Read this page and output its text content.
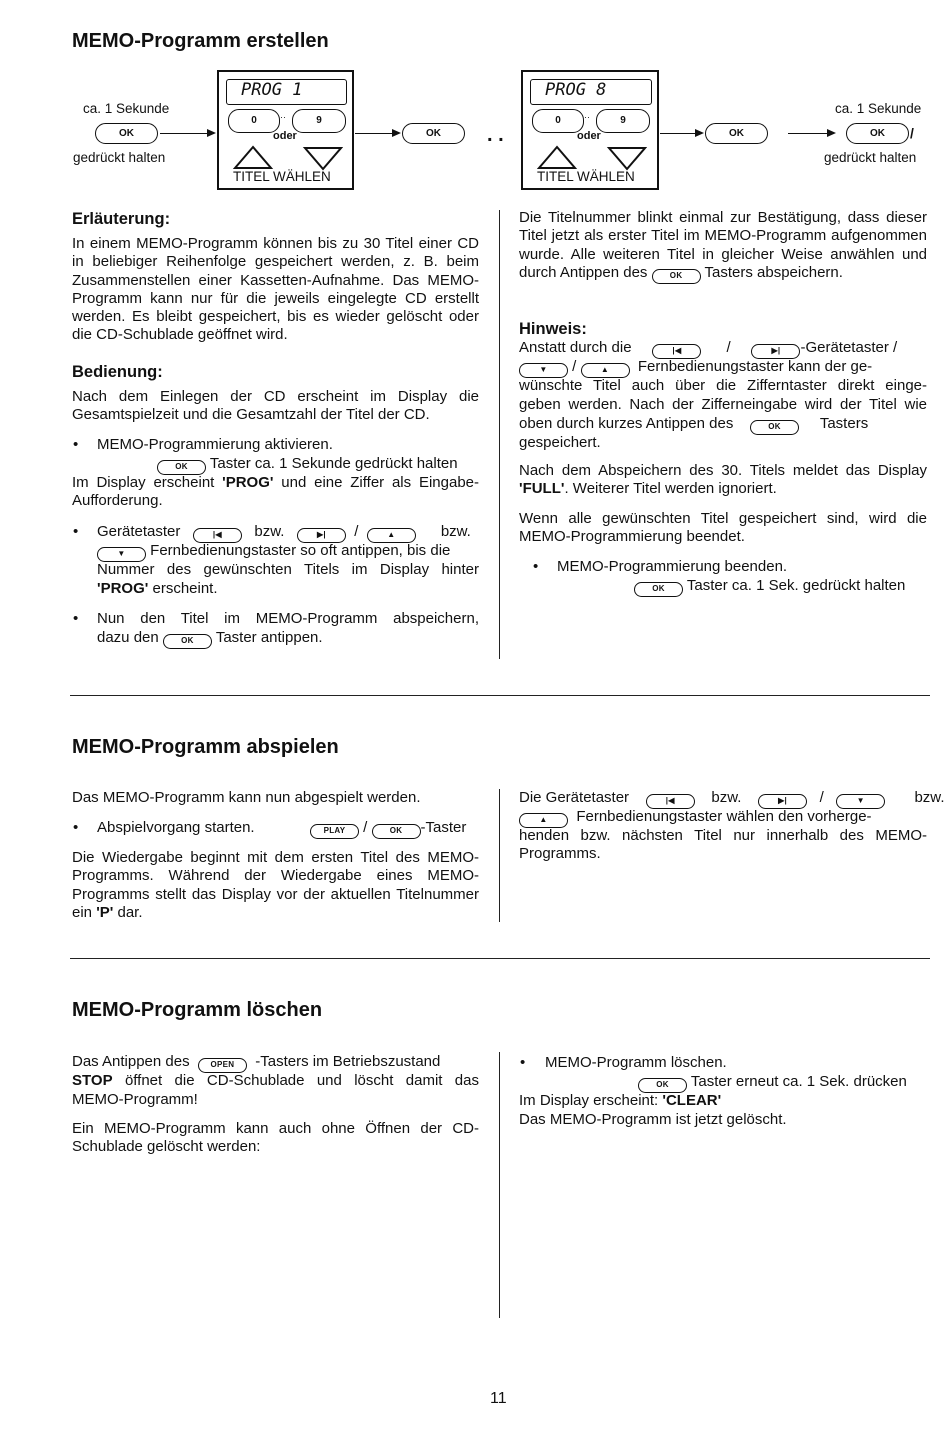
MEMO-Programm erstellen
ca. 1 Sekunde
OK
gedrückt halten
PROG 1
0	··	9
oder
TITEL WÄHLEN
OK	. .
PROG 8
0	··	9
oder
TITEL WÄHLEN
OK
ca. 1 Sekunde
OK	/
gedrückt halten
Erläuterung:

In einem MEMO-Programm können bis zu 30 Titel einer CD in beliebiger Reihenfolge gespeichert werden, z. B. beim Zusammenstellen einer Kassetten-Aufnahme. Das MEMO-Programm kann nur für die jeweils eingelegte CD erstellt werden. Es bleibt gespeichert, bis es wieder gelöscht oder die CD-Schublade geöffnet wird.

Bedienung:

Nach dem Einlegen der CD erscheint im Display die Gesamtspielzeit und die Gesamtzahl der Titel der CD.

• MEMO-Programmierung aktivieren.

OK Taster ca. 1 Sekunde gedrückt halten
Im Display erscheint 'PROG' und eine Ziffer als Eingabe-Aufforderung.
• Gerätetaster	|◀ bzw.	▶| /	▲	bzw.
▼ Fernbedienungstaster so oft antippen, bis die

Nummer des gewünschten Titels im Display hinter

'PROG' erscheint.
• Nun den Titel im MEMO-Programm abspeichern,

dazu den	OK Taster antippen.
Die Titelnummer blinkt einmal zur Bestätigung, dass dieser Titel jetzt als erster Titel im MEMO-Programm aufgenommen wurde. Alle weiteren Titel in gleicher Weise anwählen und durch Antippen des	OK Tasters abspeichern.
Hinweis:
Anstatt durch die	|◀	/	▶| -Gerätetaster /
▼ /	▲ Fernbedienungstaster kann der ge-

wünschte Titel auch über die Zifferntaster direkt einge-

geben werden. Nach der Zifferneingabe wird der Titel wie

oben durch kurzes Antippen des	OK	Tasters

gespeichert.

Nach dem Abspeichern des 30. Titels meldet das Display 'FULL'. Weiterer Titel werden ignoriert.

Wenn alle gewünschten Titel gespeichert sind, wird die MEMO-Programmierung beendet.

• MEMO-Programmierung beenden.

OK Taster ca. 1 Sek. gedrückt halten
MEMO-Programm abspielen

Das MEMO-Programm kann nun abgespielt werden.

• Abspielvorgang starten.	PLAY /	OK -Taster
Die Wiedergabe beginnt mit dem ersten Titel des MEMO-Programms. Während der Wiedergabe eines MEMO-Programms stellt das Display vor der aktuellen Titelnummer ein 'P' dar.
Die Gerätetaster	|◀ bzw.	▶| /	▼	bzw.
▲ Fernbedienungstaster wählen den vorherge-

henden bzw. nächsten Titel nur innerhalb des MEMO-Programms.

MEMO-Programm löschen
Das Antippen des	OPEN -Tasters im Betriebszustand
STOP öffnet die CD-Schublade und löscht damit das

MEMO-Programm!

Ein MEMO-Programm kann auch ohne Öffnen der CD-Schublade gelöscht werden:

• MEMO-Programm löschen.

OK Taster erneut ca. 1 Sek. drücken
Im Display erscheint: 'CLEAR'

Das MEMO-Programm ist jetzt gelöscht.

11
